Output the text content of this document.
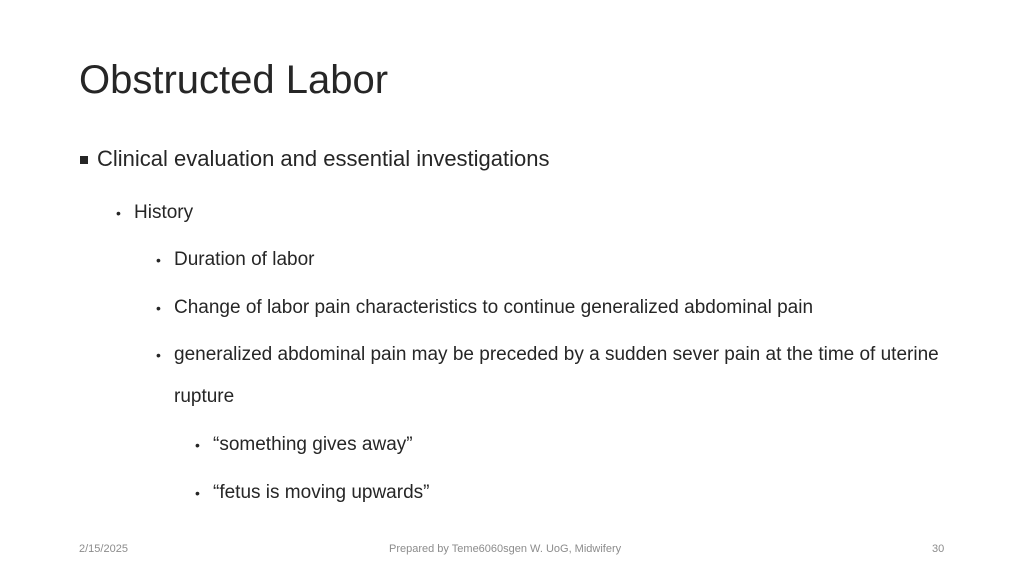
Obstructed Labor
Clinical evaluation and essential investigations
• History
• Duration of labor
• Change of labor pain characteristics to continue generalized abdominal pain
• generalized abdominal pain may be preceded by a sudden sever pain at the time of uterine rupture
• “something gives away”
• “fetus is moving upwards”
2/15/2025	Prepared by Teme6060sgen W. UoG, Midwifery	30
